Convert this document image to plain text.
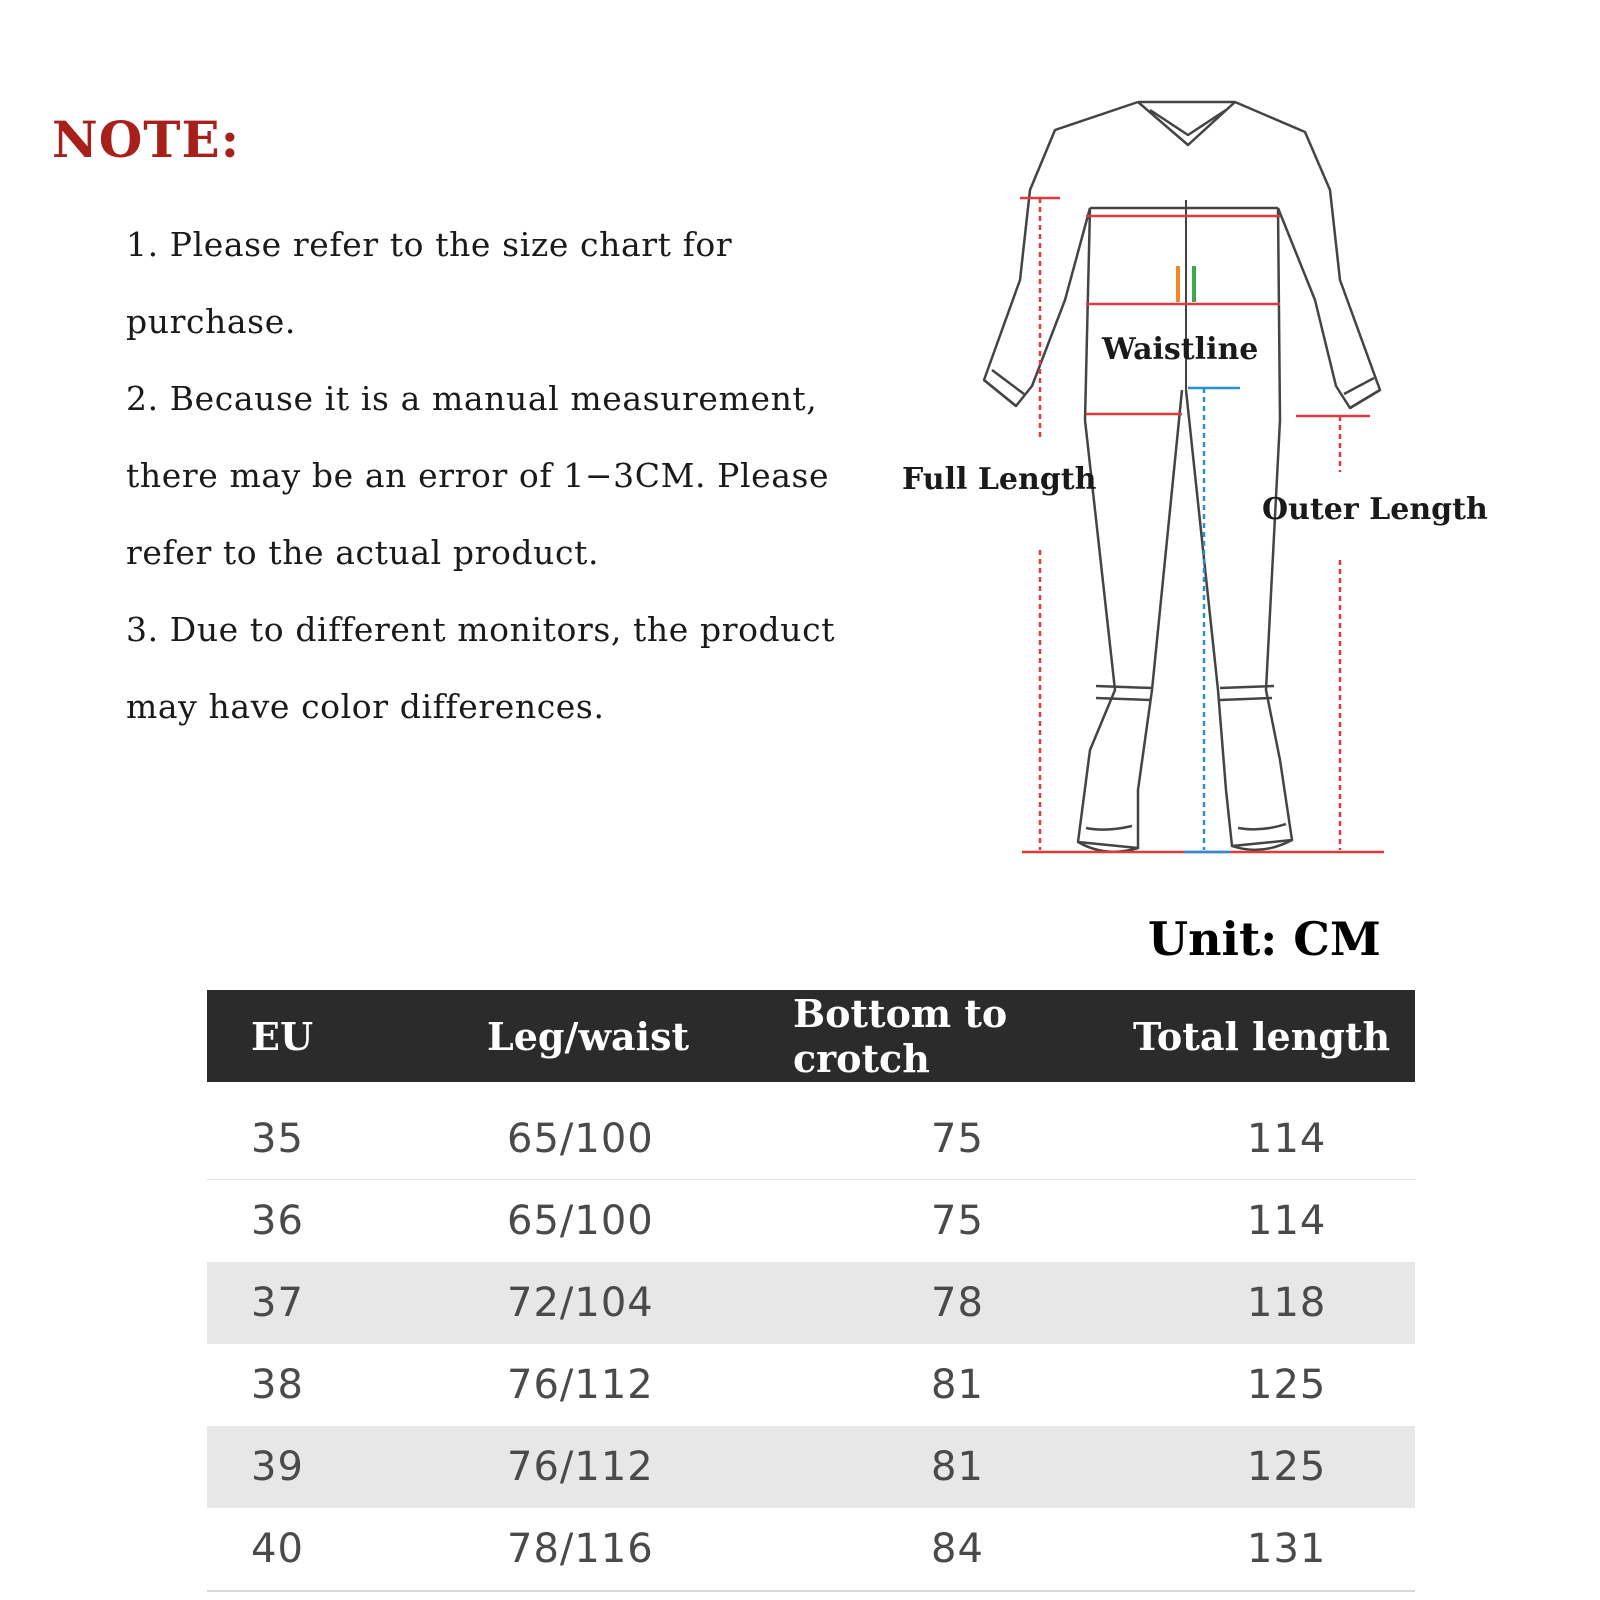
NOTE:

1. Please refer to the size chart for purchase.

2. Because it is a manual measurement, there may be an error of 1−3CM. Please refer to the actual product.

3. Due to different monitors, the product may have color differences.

Waistline
Full Length
Outer Length
Unit: CM
EU	Leg/waist	Bottom to crotch	Total length
35	65/100	75	114
36	65/100	75	114
37	72/104	78	118
38	76/112	81	125
39	76/112	81	125
40	78/116	84	131
